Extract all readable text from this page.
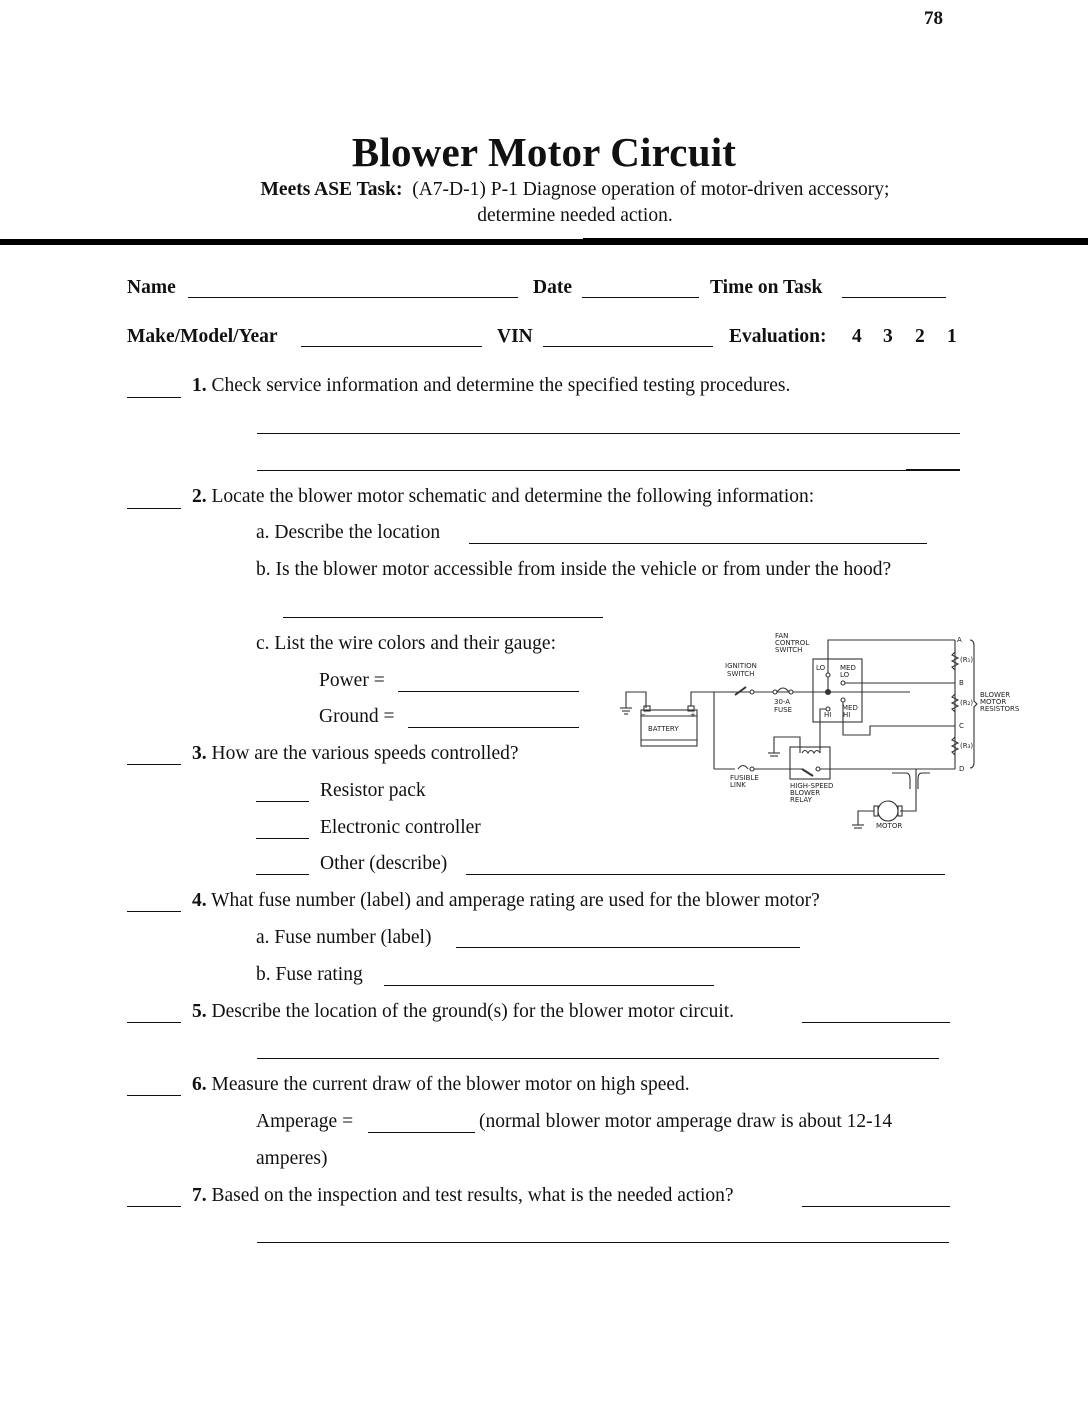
78
Blower Motor Circuit
Meets ASE Task: (A7-D-1) P-1 Diagnose operation of motor-driven accessory;
determine needed action.
Name	Date	Time on Task
Make/Model/Year	VIN	Evaluation: 4 3 2 1
1. Check service information and determine the specified testing procedures.
2. Locate the blower motor schematic and determine the following information:
a. Describe the location
b. Is the blower motor accessible from inside the vehicle or from under the hood?
c. List the wire colors and their gauge:
Power =
Ground =
3. How are the various speeds controlled?
Resistor pack
Electronic controller
Other (describe)
4. What fuse number (label) and amperage rating are used for the blower motor?
a. Fuse number (label)
b. Fuse rating
5. Describe the location of the ground(s) for the blower motor circuit.
6. Measure the current draw of the blower motor on high speed.
Amperage =	(normal blower motor amperage draw is about 12-14
amperes)
7. Based on the inspection and test results, what is the needed action?
BATTERY
−	+
IGNITION
SWITCH
30-A
FUSE
FAN
CONTROL
SWITCH
LO MED
LO
MED
HI
HI
A
B
C
D
(R₁)
(R₂)
(R₃)
BLOWER
MOTOR
RESISTORS
FUSIBLE
LINK	HIGH-SPEED
BLOWER
RELAY
MOTOR
